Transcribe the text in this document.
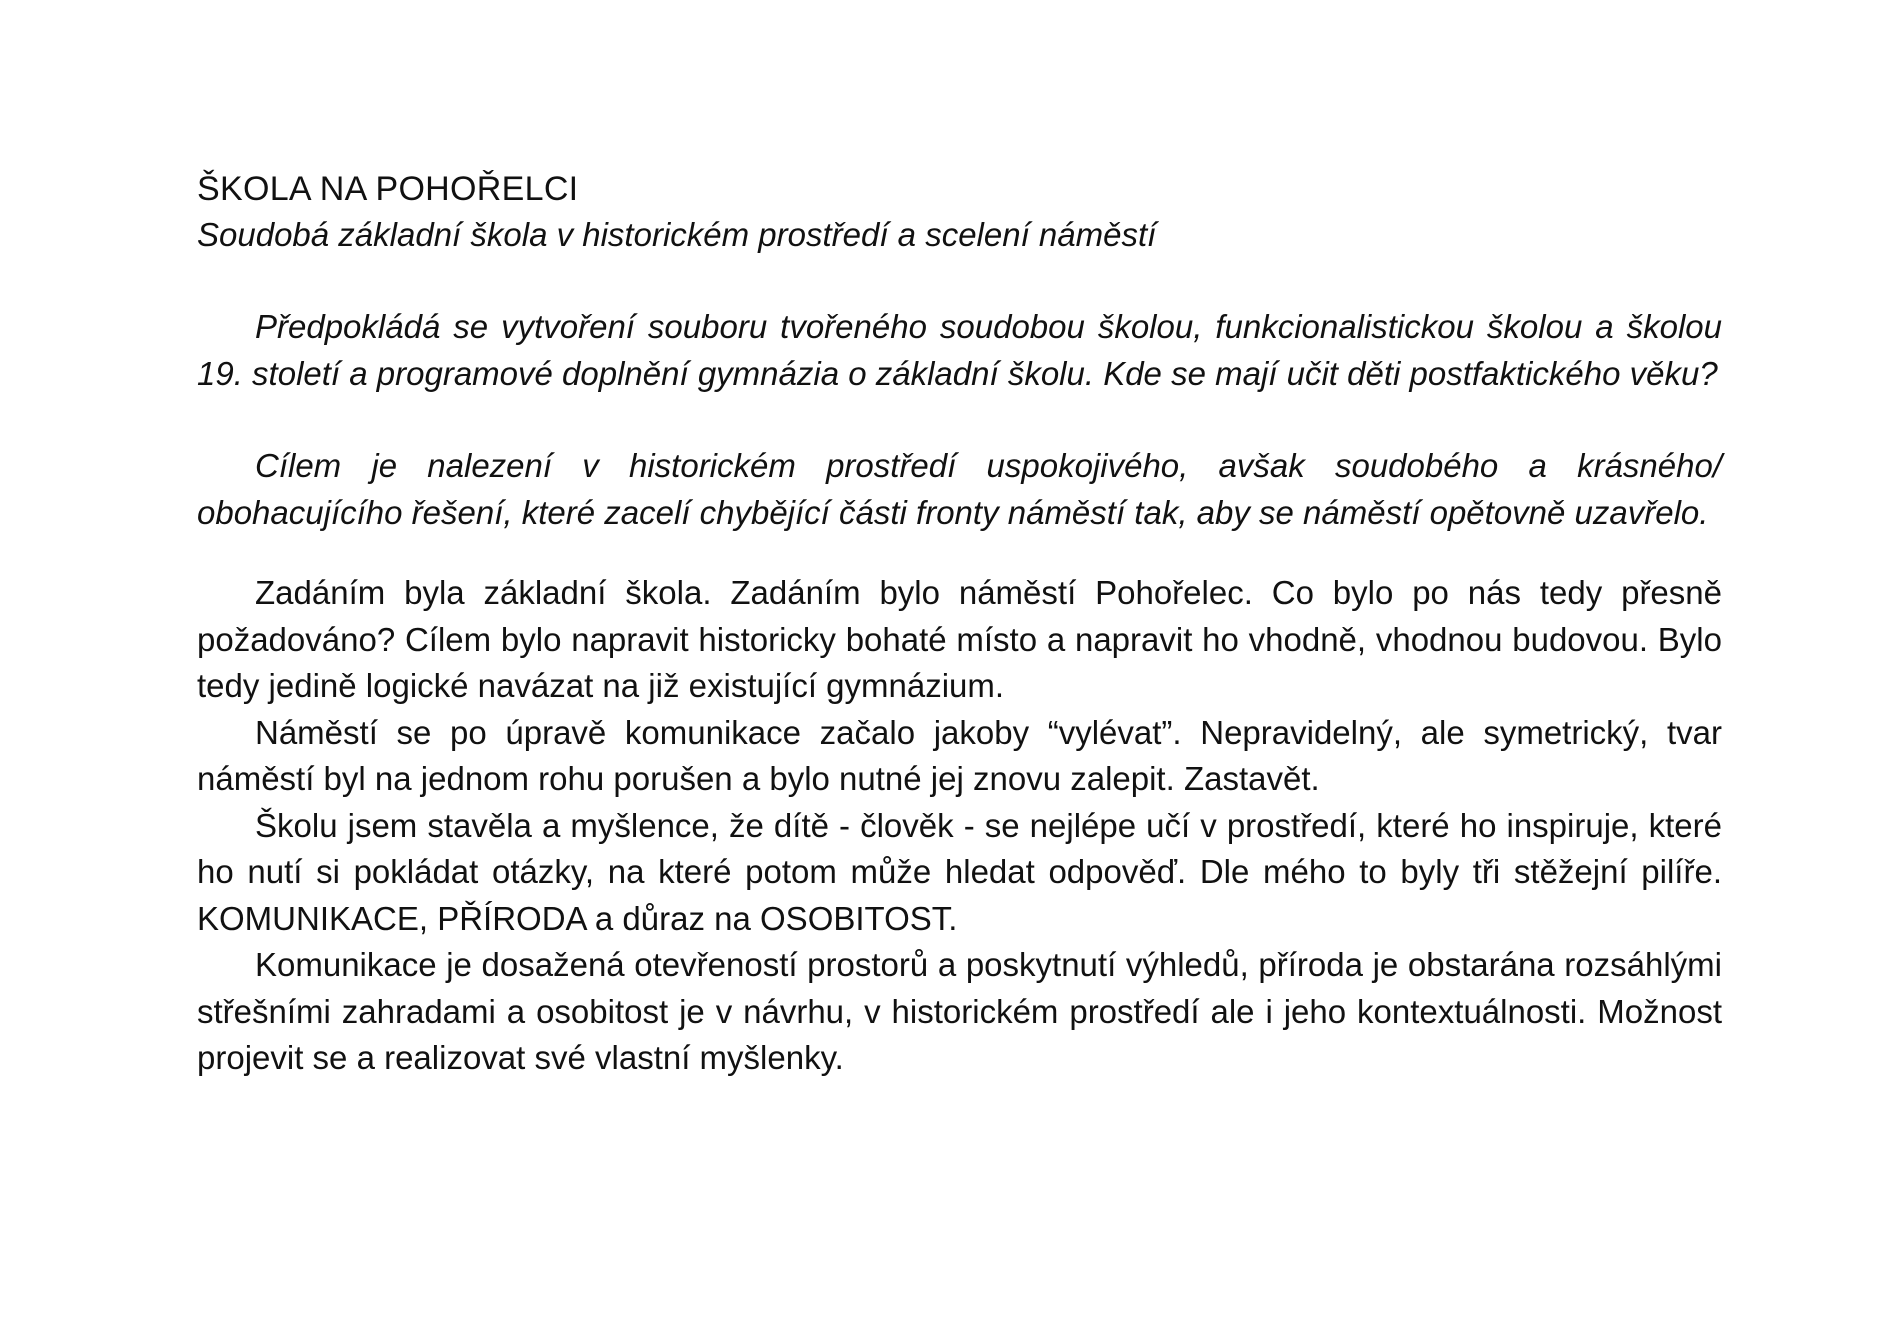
ŠKOLA NA POHOŘELCI
Soudobá základní škola v historickém prostředí a scelení náměstí

Předpokládá se vytvoření souboru tvořeného soudobou školou, funkcionalistickou školou a školou 19. století a programové doplnění gymnázia o základní školu. Kde se mají učit děti postfaktického věku?

Cílem je nalezení v historickém prostředí uspokojivého, avšak soudobého a krásného/ obohacujícího řešení, které zacelí chybějící části fronty náměstí tak, aby se náměstí opětovně uzavřelo.

Zadáním byla základní škola. Zadáním bylo náměstí Pohořelec. Co bylo po nás tedy přesně požadováno? Cílem bylo napravit historicky bohaté místo a napravit ho vhodně, vhodnou budovou. Bylo tedy jedině logické navázat na již existující gymnázium.

Náměstí se po úpravě komunikace začalo jakoby “vylévat”. Nepravidelný, ale symetrický, tvar náměstí byl na jednom rohu porušen a bylo nutné jej znovu zalepit. Zastavět.

Školu jsem stavěla a myšlence, že dítě - člověk - se nejlépe učí v prostředí, které ho inspiruje, které ho nutí si pokládat otázky, na které potom může hledat odpověď. Dle mého to byly tři stěžejní pilíře. KOMUNIKACE, PŘÍRODA a důraz na OSOBITOST.

Komunikace je dosažená otevřeností prostorů a poskytnutí výhledů, příroda je obstarána rozsáhlými střešními zahradami a osobitost je v návrhu, v historickém prostředí ale i jeho kontextuálnosti. Možnost projevit se a realizovat své vlastní myšlenky.
